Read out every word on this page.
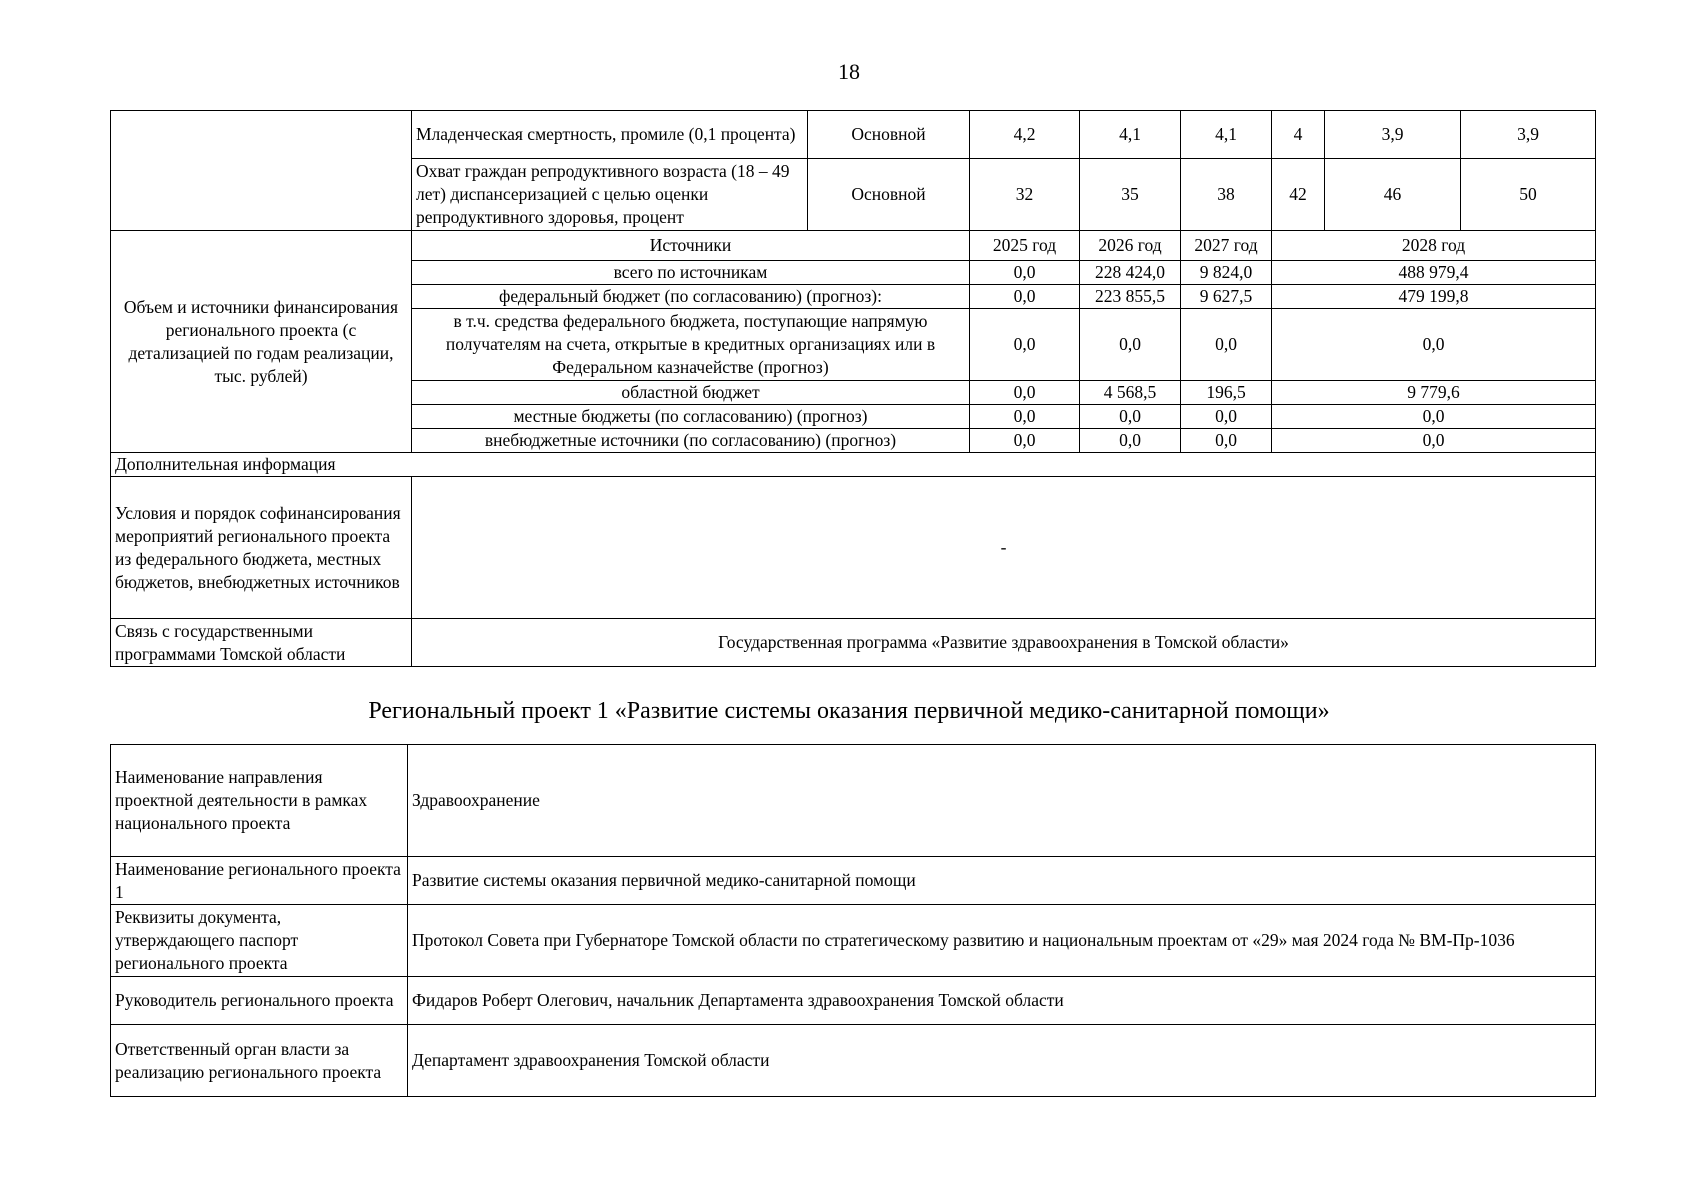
18
	Младенческая смертность, промиле (0,1 процента)	Основной	4,2	4,1	4,1	4	3,9	3,9
	Охват граждан репродуктивного возраста (18 – 49 лет) диспансеризацией с целью оценки репродуктивного здоровья, процент	Основной	32	35	38	42	46	50
Объем и источники финансирования регионального проекта (с детализацией по годам реализации, тыс. рублей)	Источники		2025 год	2026 год	2027 год	2028 год		
	всего по источникам		0,0	228 424,0	9 824,0	488 979,4		
	федеральный бюджет (по согласованию) (прогноз):		0,0	223 855,5	9 627,5	479 199,8		
	в т.ч. средства федерального бюджета, поступающие напрямую получателям на счета, открытые в кредитных организациях или в Федеральном казначействе (прогноз)		0,0	0,0	0,0	0,0		
	областной бюджет		0,0	4 568,5	196,5	9 779,6		
	местные бюджеты (по согласованию) (прогноз)		0,0	0,0	0,0	0,0		
	внебюджетные источники (по согласованию) (прогноз)		0,0	0,0	0,0	0,0		
Дополнительная информация								
Условия и порядок софинансирования мероприятий регионального проекта из федерального бюджета, местных бюджетов, внебюджетных источников	-							
Связь с государственными программами Томской области	Государственная программа «Развитие здравоохранения в Томской области»							
Региональный проект 1 «Развитие системы оказания первичной медико-санитарной помощи»
Наименование направления проектной деятельности в рамках национального проекта	Здравоохранение
Наименование регионального проекта 1	Развитие системы оказания первичной медико-санитарной помощи
Реквизиты документа, утверждающего паспорт регионального проекта	Протокол Совета при Губернаторе Томской области по стратегическому развитию и национальным проектам от «29» мая 2024 года № ВМ-Пр-1036
Руководитель регионального проекта	Фидаров Роберт Олегович, начальник Департамента здравоохранения Томской области
Ответственный орган власти за реализацию регионального проекта	Департамент здравоохранения Томской области
